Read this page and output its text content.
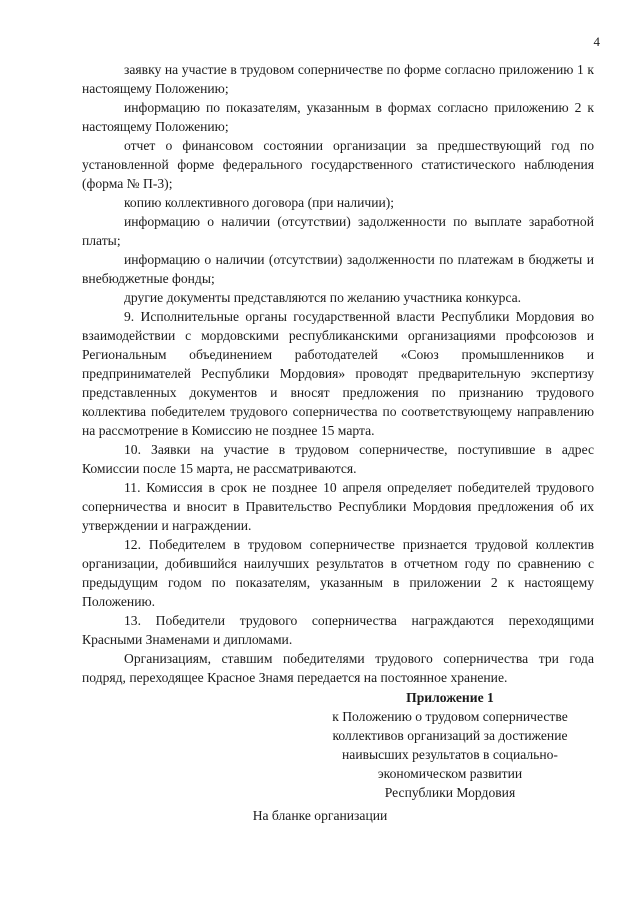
4

заявку на участие в трудовом соперничестве по форме согласно приложению 1 к настоящему Положению;

информацию по показателям, указанным в формах согласно приложению 2 к настоящему Положению;

отчет о финансовом состоянии организации за предшествующий год по установленной форме федерального государственного статистического наблюдения (форма № П-3);

копию коллективного договора (при наличии);

информацию о наличии (отсутствии) задолженности по выплате заработной платы;

информацию о наличии (отсутствии) задолженности по платежам в бюджеты и внебюджетные фонды;

другие документы представляются по желанию участника конкурса.

9. Исполнительные органы государственной власти Республики Мордовия во взаимодействии с мордовскими республиканскими организациями профсоюзов и Региональным объединением работодателей «Союз промышленников и предпринимателей Республики Мордовия» проводят предварительную экспертизу представленных документов и вносят предложения по признанию трудового коллектива победителем трудового соперничества по соответствующему направлению на рассмотрение в Комиссию не позднее 15 марта.

10. Заявки на участие в трудовом соперничестве, поступившие в адрес Комиссии после 15 марта, не рассматриваются.

11. Комиссия в срок не позднее 10 апреля определяет победителей трудового соперничества и вносит в Правительство Республики Мордовия предложения об их утверждении и награждении.

12. Победителем в трудовом соперничестве признается трудовой коллектив организации, добившийся наилучших результатов в отчетном году по сравнению с предыдущим годом по показателям, указанным в приложении 2 к настоящему Положению.

13. Победители трудового соперничества награждаются переходящими Красными Знаменами и дипломами.

Организациям, ставшим победителями трудового соперничества три года подряд, переходящее Красное Знамя передается на постоянное хранение.

Приложение 1

к Положению о трудовом соперничестве

коллективов организаций за достижение

наивысших результатов в социально-

экономическом развитии

Республики Мордовия

На бланке организации
